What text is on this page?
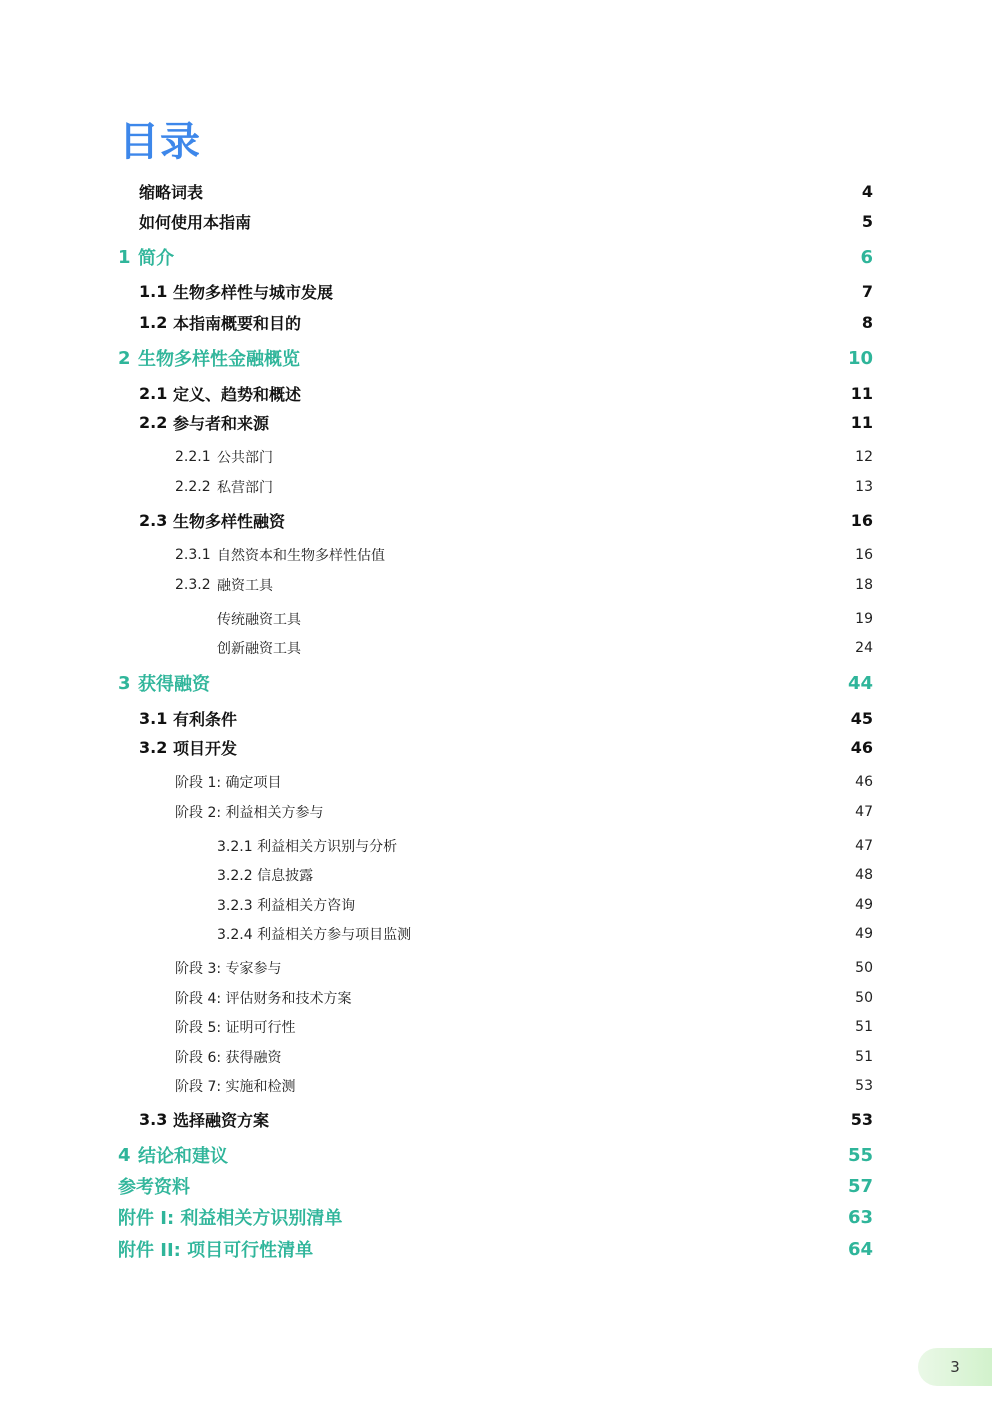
目录
缩略词表	4
如何使用本指南	5
1 简介	6
1.1 生物多样性与城市发展	7
1.2 本指南概要和目的	8
2 生物多样性金融概览	10
2.1 定义、趋势和概述	11
2.2 参与者和来源	11
2.2.1 公共部门	12
2.2.2 私营部门	13
2.3 生物多样性融资	16
2.3.1 自然资本和生物多样性估值	16
2.3.2 融资工具	18
传统融资工具	19
创新融资工具	24
3 获得融资	44
3.1 有利条件	45
3.2 项目开发	46
阶段 1: 确定项目	46
阶段 2: 利益相关方参与	47
3.2.1 利益相关方识别与分析	47
3.2.2 信息披露	48
3.2.3 利益相关方咨询	49
3.2.4 利益相关方参与项目监测	49
阶段 3: 专家参与	50
阶段 4: 评估财务和技术方案	50
阶段 5: 证明可行性	51
阶段 6: 获得融资	51
阶段 7: 实施和检测	53
3.3 选择融资方案	53
4 结论和建议	55
参考资料	57
附件 I: 利益相关方识别清单	63
附件 II: 项目可行性清单	64
3
